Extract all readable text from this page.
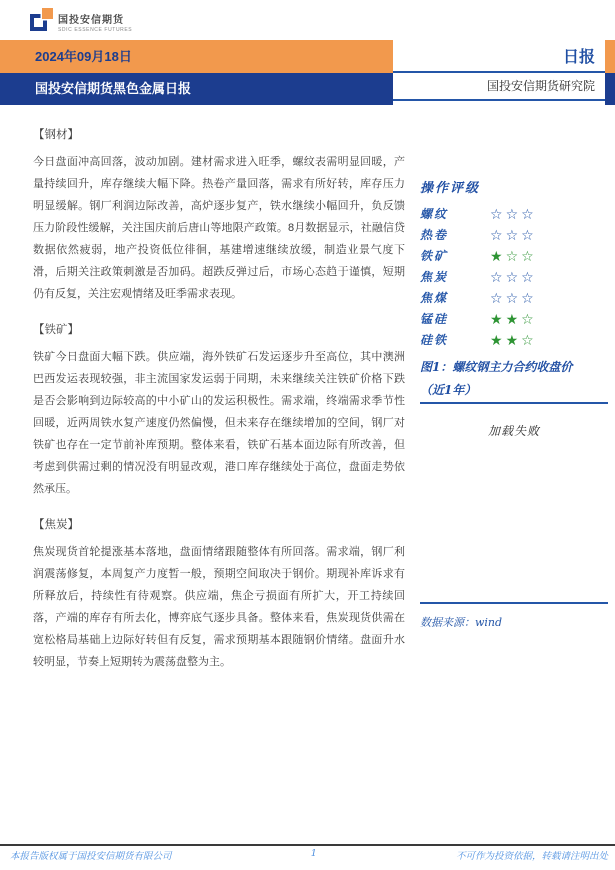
国投安信期货
SDIC ESSENCE FUTURES
2024年09月18日
国投安信期货黑色金属日报
日报
国投安信期货研究院
【钢材】
今日盘面冲高回落，波动加剧。建材需求进入旺季，螺纹表需明显回暖，产量持续回升，库存继续大幅下降。热卷产量回落，需求有所好转，库存压力明显缓解。钢厂利润边际改善，高炉逐步复产，铁水继续小幅回升，负反馈压力阶段性缓解，关注国庆前后唐山等地限产政策。8月数据显示，社融信贷数据依然疲弱，地产投资低位徘徊，基建增速继续放缓，制造业景气度下滑，后期关注政策刺激是否加码。超跌反弹过后，市场心态趋于谨慎，短期仍有反复，关注宏观情绪及旺季需求表现。
【铁矿】
铁矿今日盘面大幅下跌。供应端，海外铁矿石发运逐步升至高位，其中澳洲巴西发运表现较强，非主流国家发运弱于同期，未来继续关注铁矿价格下跌是否会影响到边际较高的中小矿山的发运积极性。需求端，终端需求季节性回暖，近两周铁水复产速度仍然偏慢，但未来存在继续增加的空间，钢厂对铁矿也存在一定节前补库预期。整体来看，铁矿石基本面边际有所改善，但考虑到供需过剩的情况没有明显改观，港口库存继续处于高位，盘面走势依然承压。
【焦炭】
焦炭现货首轮提涨基本落地，盘面情绪跟随整体有所回落。需求端，钢厂利润震荡修复，本周复产力度暂一般，预期空间取决于钢价。期现补库诉求有所释放后，持续性有待观察。供应端，焦企亏损面有所扩大，开工持续回落，产端的库存有所去化，博弈底气逐步具备。整体来看，焦炭现货供需在宽松格局基础上边际好转但有反复，需求预期基本跟随钢价情绪。盘面升水较明显，节奏上短期转为震荡盘整为主。
操作评级
螺纹	☆☆☆
热卷	☆☆☆
铁矿	★☆☆
焦炭	☆☆☆
焦煤	☆☆☆
锰硅	★★☆
硅铁	★★☆
图1：螺纹钢主力合约收盘价
（近1年）
加载失败
数据来源：wind
本报告版权属于国投安信期货有限公司	1	不可作为投资依据，转载请注明出处
